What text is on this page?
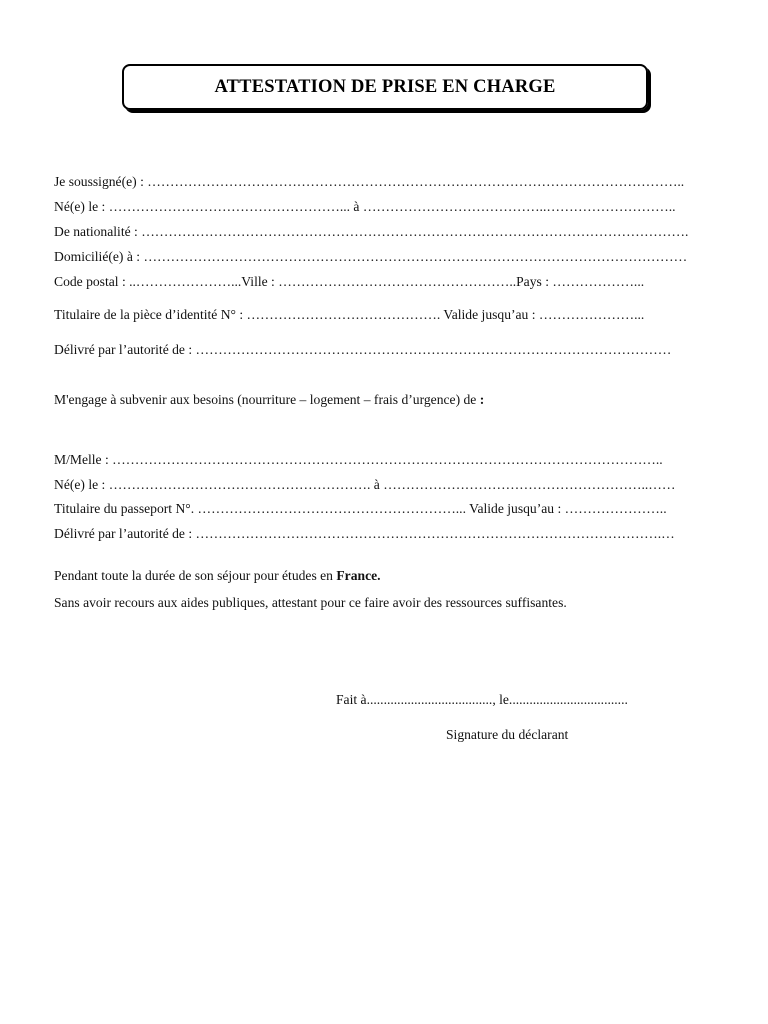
ATTESTATION DE PRISE EN CHARGE
Je soussigné(e) : ………………………………………………………………………………………………………..
Né(e) le : ……………………………………………... à …………………………………..………………………..
De nationalité : ………………………………………………………………………………………………………….
Domicilié(e) à : …………………………………………………………………………………………………………
Code postal : ..…………………...Ville : ……………………………………………..Pays : ………………...
Titulaire de la pièce d’identité N° : ……………………………………. Valide jusqu’au : …………………...
Délivré par l’autorité de : ……………………………………………………………………………………………
M'engage à subvenir aux besoins (nourriture – logement – frais d’urgence) de :
M/Melle : …………………………………………………………………………………………………………..
Né(e) le : …………………………………………………. à …………………………………………………..……
Titulaire du passeport N°. …………………………………………………... Valide jusqu’au : …………………..
Délivré par l’autorité de : ………………………………………………………………………………………….…
Pendant toute la durée de son séjour pour études en France.
Sans avoir recours aux aides publiques, attestant pour ce faire avoir des ressources suffisantes.
Fait à....................................., le...................................
Signature du déclarant
